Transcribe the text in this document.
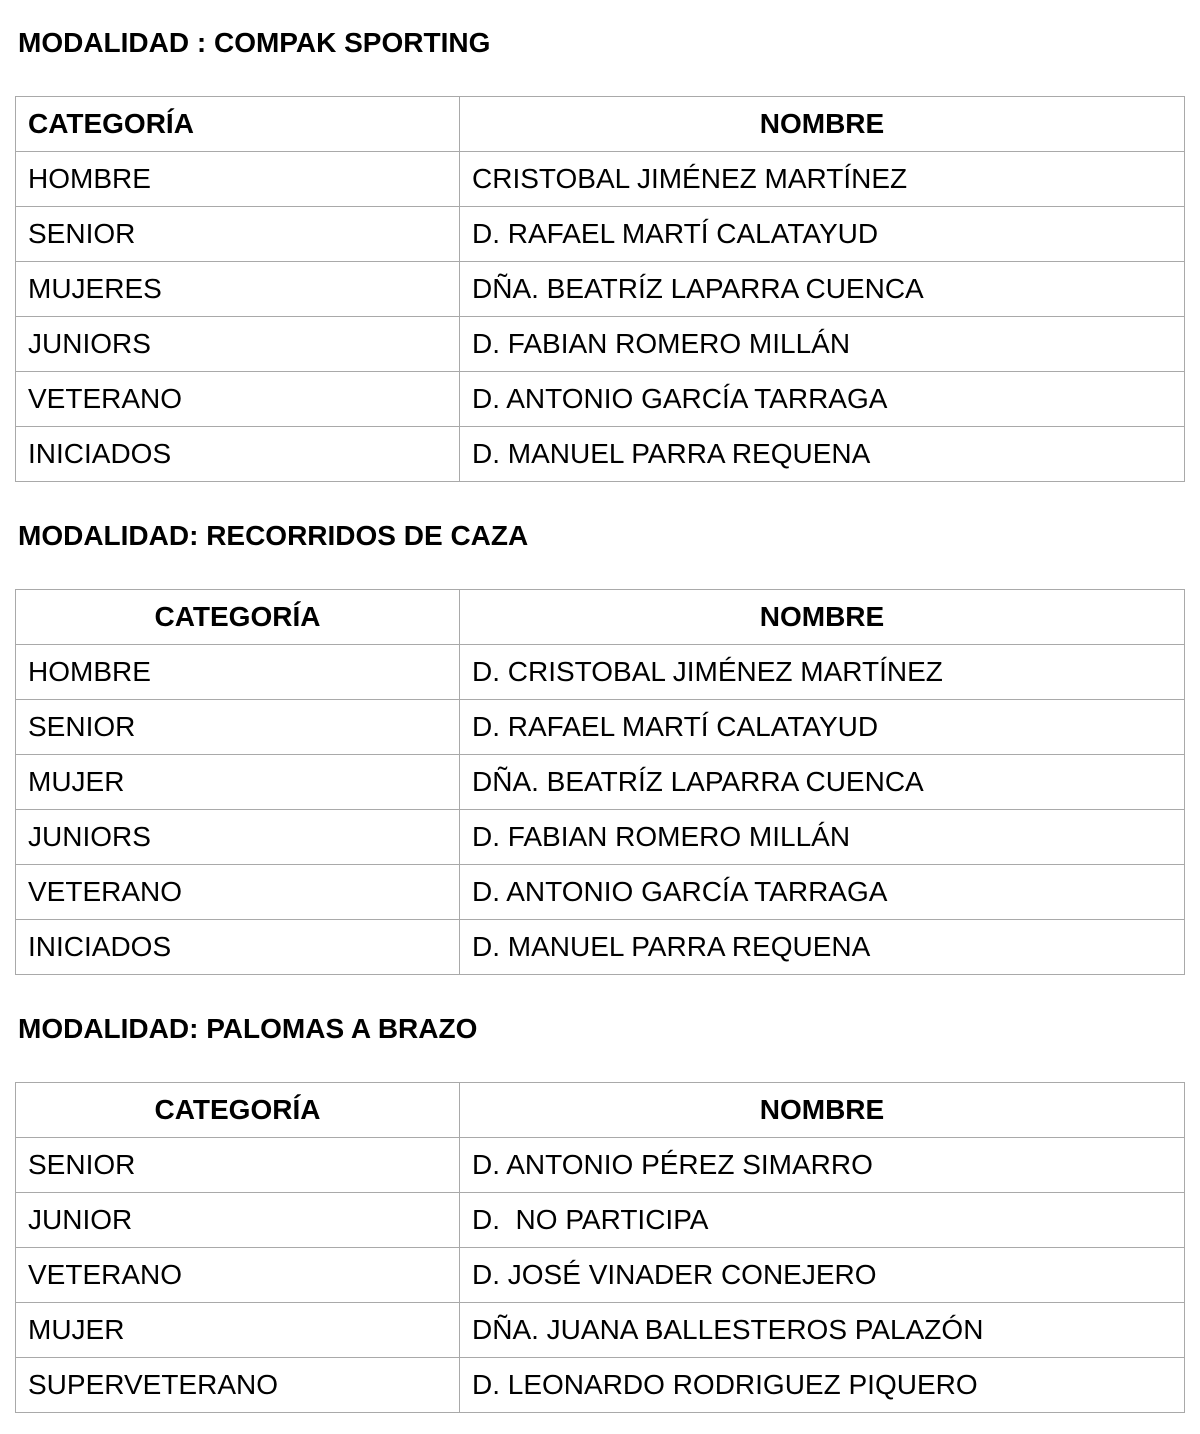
MODALIDAD : COMPAK SPORTING
CATEGORÍA	NOMBRE
HOMBRE	CRISTOBAL JIMÉNEZ MARTÍNEZ
SENIOR	D. RAFAEL MARTÍ CALATAYUD
MUJERES	DÑA. BEATRÍZ LAPARRA CUENCA
JUNIORS	D. FABIAN ROMERO MILLÁN
VETERANO	D. ANTONIO GARCÍA TARRAGA
INICIADOS	D. MANUEL PARRA REQUENA
MODALIDAD: RECORRIDOS DE CAZA
CATEGORÍA	NOMBRE
HOMBRE	D. CRISTOBAL JIMÉNEZ MARTÍNEZ
SENIOR	D. RAFAEL MARTÍ CALATAYUD
MUJER	DÑA. BEATRÍZ LAPARRA CUENCA
JUNIORS	D. FABIAN ROMERO MILLÁN
VETERANO	D. ANTONIO GARCÍA TARRAGA
INICIADOS	D. MANUEL PARRA REQUENA
MODALIDAD: PALOMAS A BRAZO
CATEGORÍA	NOMBRE
SENIOR	D. ANTONIO PÉREZ SIMARRO
JUNIOR	D.  NO PARTICIPA
VETERANO	D. JOSÉ VINADER CONEJERO
MUJER	DÑA. JUANA BALLESTEROS PALAZÓN
SUPERVETERANO	D. LEONARDO RODRIGUEZ PIQUERO
